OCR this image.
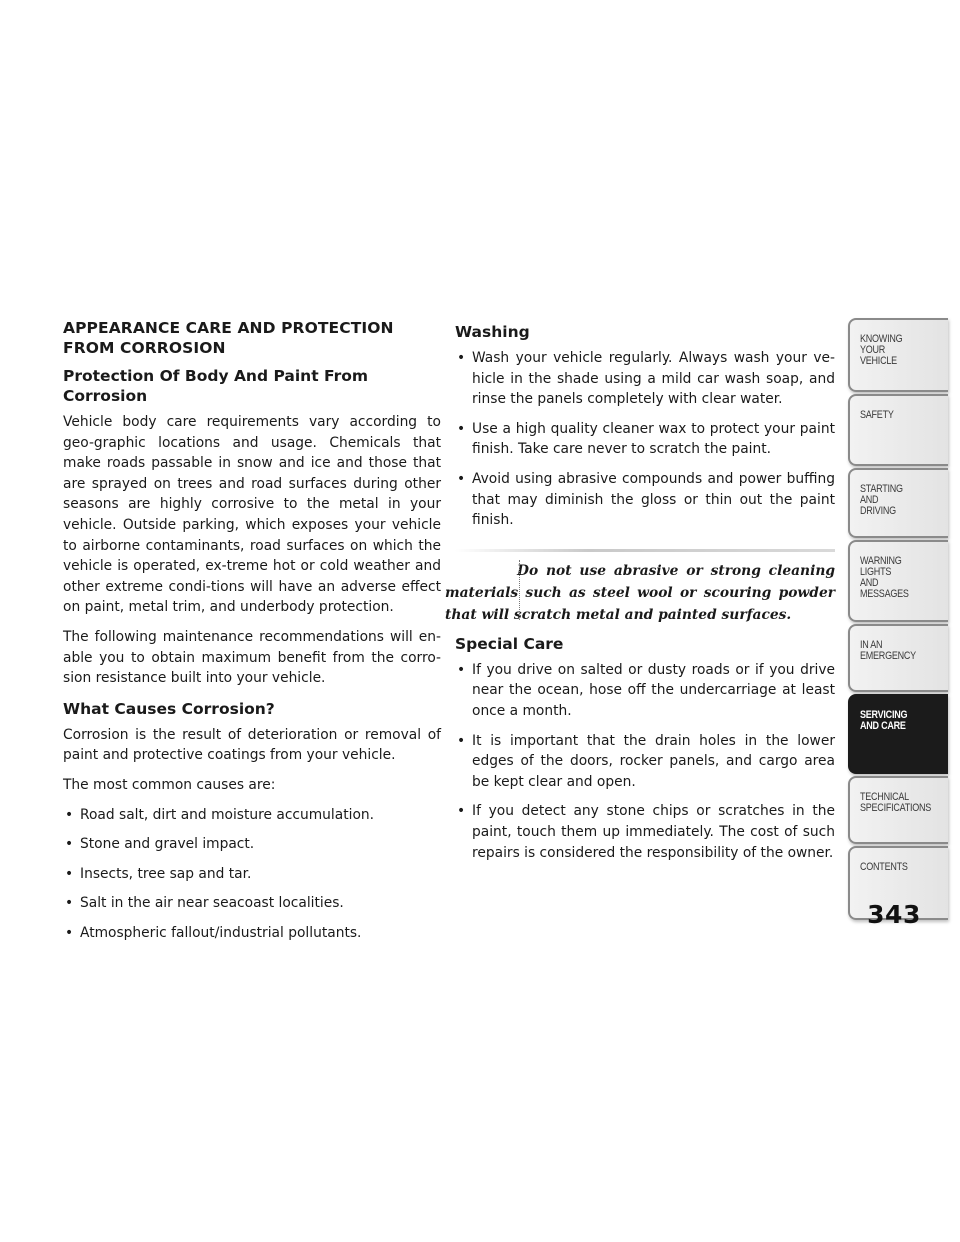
APPEARANCE CARE AND PROTECTION FROM CORROSION
Protection Of Body And Paint From Corrosion

Vehicle body care requirements vary according to geo-graphic locations and usage. Chemicals that make roads passable in snow and ice and those that are sprayed on trees and road surfaces during other seasons are highly corrosive to the metal in your vehicle. Outside parking, which exposes your vehicle to airborne contaminants, road surfaces on which the vehicle is operated, ex-treme hot or cold weather and other extreme condi-tions will have an adverse effect on paint, metal trim, and underbody protection.

The following maintenance recommendations will en-able you to obtain maximum benefit from the corro-sion resistance built into your vehicle.

What Causes Corrosion?

Corrosion is the result of deterioration or removal of paint and protective coatings from your vehicle.

The most common causes are:

• Road salt, dirt and moisture accumulation.
• Stone and gravel impact.
• Insects, tree sap and tar.
• Salt in the air near seacoast localities.
• Atmospheric fallout/industrial pollutants.
Washing
• Wash your vehicle regularly. Always wash your ve-hicle in the shade using a mild car wash soap, and rinse the panels completely with clear water.
• Use a high quality cleaner wax to protect your paint finish. Take care never to scratch the paint.
• Avoid using abrasive compounds and power buffing that may diminish the gloss or thin out the paint finish.
Do not use abrasive or strong cleaning materials such as steel wool or scouring powder that will scratch metal and painted surfaces.
Special Care
• If you drive on salted or dusty roads or if you drive near the ocean, hose off the undercarriage at least once a month.
• It is important that the drain holes in the lower edges of the doors, rocker panels, and cargo area be kept clear and open.
• If you detect any stone chips or scratches in the paint, touch them up immediately. The cost of such repairs is considered the responsibility of the owner.
KNOWING
YOUR
VEHICLE
SAFETY
STARTING
AND
DRIVING
WARNING
LIGHTS
AND
MESSAGES
IN AN
EMERGENCY
SERVICING
AND CARE
TECHNICAL
SPECIFICATIONS
CONTENTS
343
